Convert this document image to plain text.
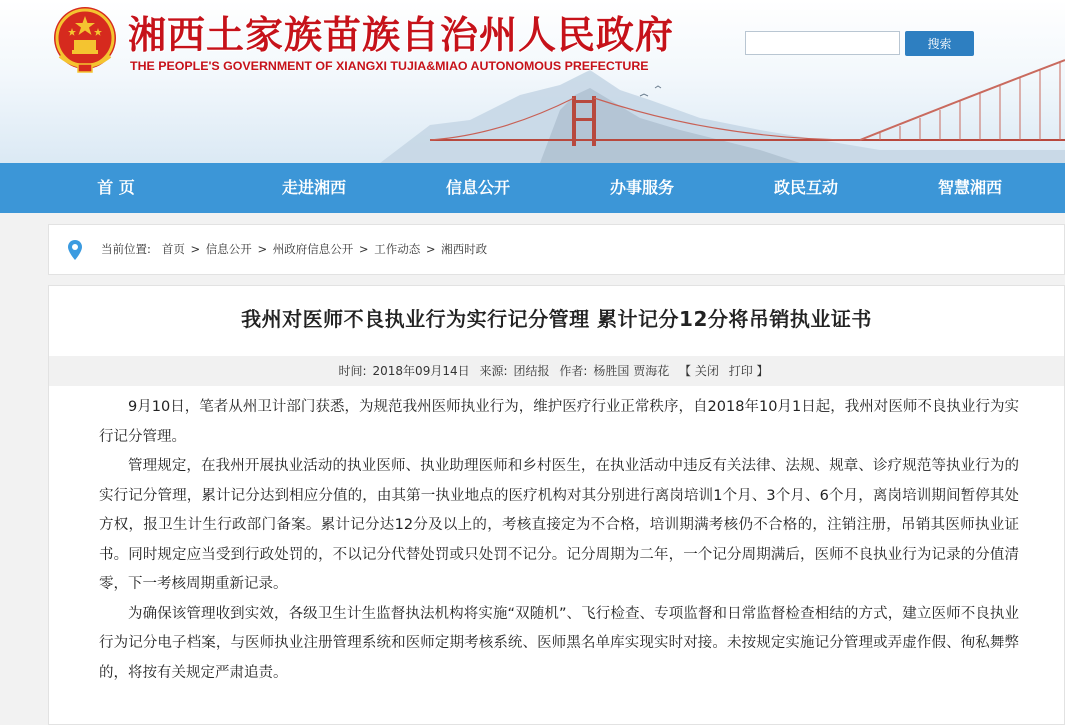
湘西土家族苗族自治州人民政府
THE PEOPLE'S GOVERNMENT OF XIANGXI TUJIA&MIAO AUTONOMOUS PREFECTURE
搜索
首 页	走进湘西	信息公开	办事服务	政民互动	智慧湘西
当前位置: 首页 > 信息公开 > 州政府信息公开 > 工作动态 > 湘西时政
我州对医师不良执业行为实行记分管理 累计记分12分将吊销执业证书
时间: 2018年09月14日 来源: 团结报 作者: 杨胜国 贾海花 【 关闭 打印 】

9月10日，笔者从州卫计部门获悉，为规范我州医师执业行为，维护医疗行业正常秩序，自2018年10月1日起，我州对医师不良执业行为实行记分管理。

管理规定，在我州开展执业活动的执业医师、执业助理医师和乡村医生，在执业活动中违反有关法律、法规、规章、诊疗规范等执业行为的实行记分管理，累计记分达到相应分值的，由其第一执业地点的医疗机构对其分别进行离岗培训1个月、3个月、6个月，离岗培训期间暂停其处方权，报卫生计生行政部门备案。累计记分达12分及以上的，考核直接定为不合格，培训期满考核仍不合格的，注销注册，吊销其医师执业证书。同时规定应当受到行政处罚的，不以记分代替处罚或只处罚不记分。记分周期为二年，一个记分周期满后，医师不良执业行为记录的分值清零，下一考核周期重新记录。

为确保该管理收到实效，各级卫生计生监督执法机构将实施“双随机”、飞行检查、专项监督和日常监督检查相结的方式，建立医师不良执业行为记分电子档案，与医师执业注册管理系统和医师定期考核系统、医师黑名单库实现实时对接。未按规定实施记分管理或弄虚作假、徇私舞弊的，将按有关规定严肃追责。
